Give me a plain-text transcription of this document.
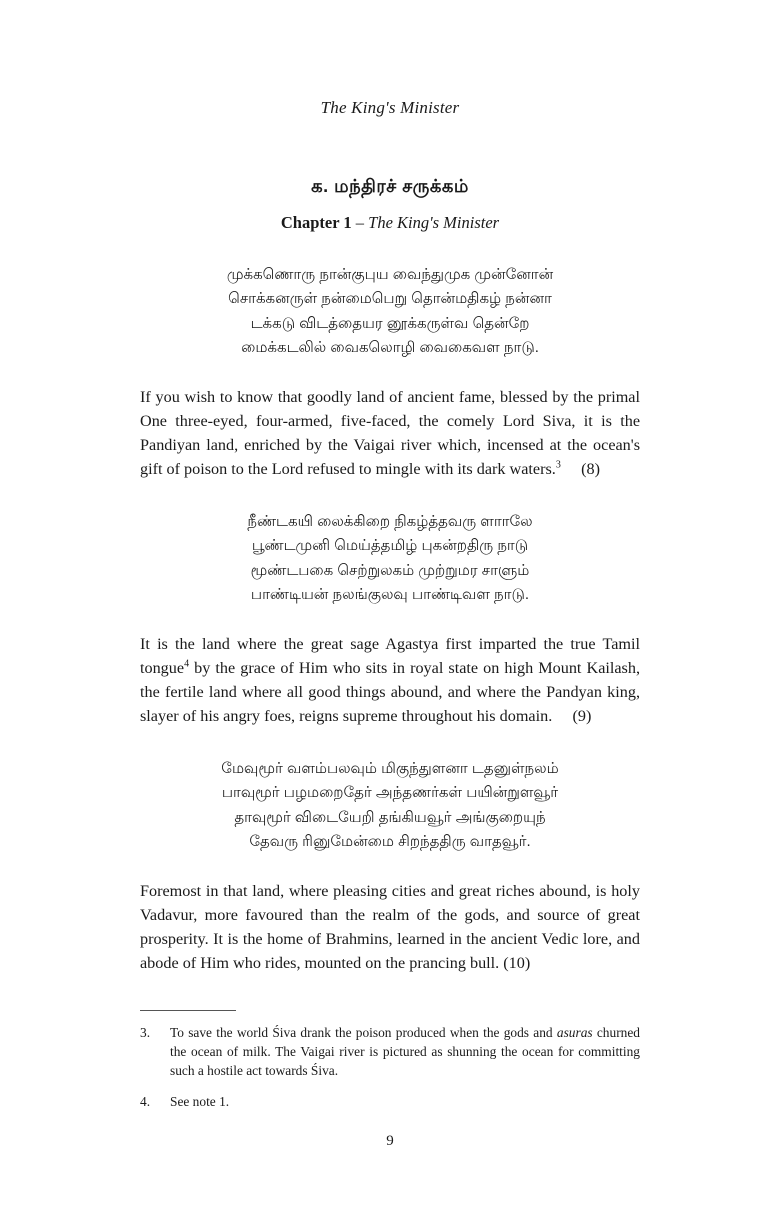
The King's Minister
க. மந்திரச் சருக்கம்
Chapter 1 – The King's Minister
முக்கணொரு நான்குபுய வைந்துமுக முன்னோன்
சொக்கனருள் நன்மைபெறு தொன்மதிகழ் நன்னா
டக்கடு விடத்தையர னூக்கருள்வ தென்றே
மைக்கடலில் வைகலொழி வைகைவள நாடு.

If you wish to know that goodly land of ancient fame, blessed by the primal One three-eyed, four-armed, five-faced, the comely Lord Siva, it is the Pandiyan land, enriched by the Vaigai river which, incensed at the ocean's gift of poison to the Lord refused to mingle with its dark waters.$^3$ (8)

நீண்டகயி லைக்கிறை நிகழ்த்தவரு ளாாலே
பூண்டமுனி மெய்த்தமிழ் புகன்றதிரு நாடு
மூண்டபகை செற்றுலகம் முற்றுமர சாளும்
பாண்டியன் நலங்குலவு பாண்டிவள நாடு.

It is the land where the great sage Agastya first imparted the true Tamil tongue$^4$ by the grace of Him who sits in royal state on high Mount Kailash, the fertile land where all good things abound, and where the Pandyan king, slayer of his angry foes, reigns supreme throughout his domain. (9)

மேவுமூர் வளம்பலவும் மிகுந்துளனா டதனுள்நலம்
பாவுமூர் பழமறைதேர் அந்தணர்கள் பயின்றுளவூர்
தாவுமூர் விடையேறி தங்கியவூர் அங்குறையுந்
தேவரு ரினுமேன்மை சிறந்ததிரு வாதவூர்.

Foremost in that land, where pleasing cities and great riches abound, is holy Vadavur, more favoured than the realm of the gods, and source of great prosperity. It is the home of Brahmins, learned in the ancient Vedic lore, and abode of Him who rides, mounted on the prancing bull. (10)

3.	To save the world Śiva drank the poison produced when the gods and asuras churned the ocean of milk. The Vaigai river is pictured as shunning the ocean for committing such a hostile act towards Śiva.
4.	See note 1.
9
